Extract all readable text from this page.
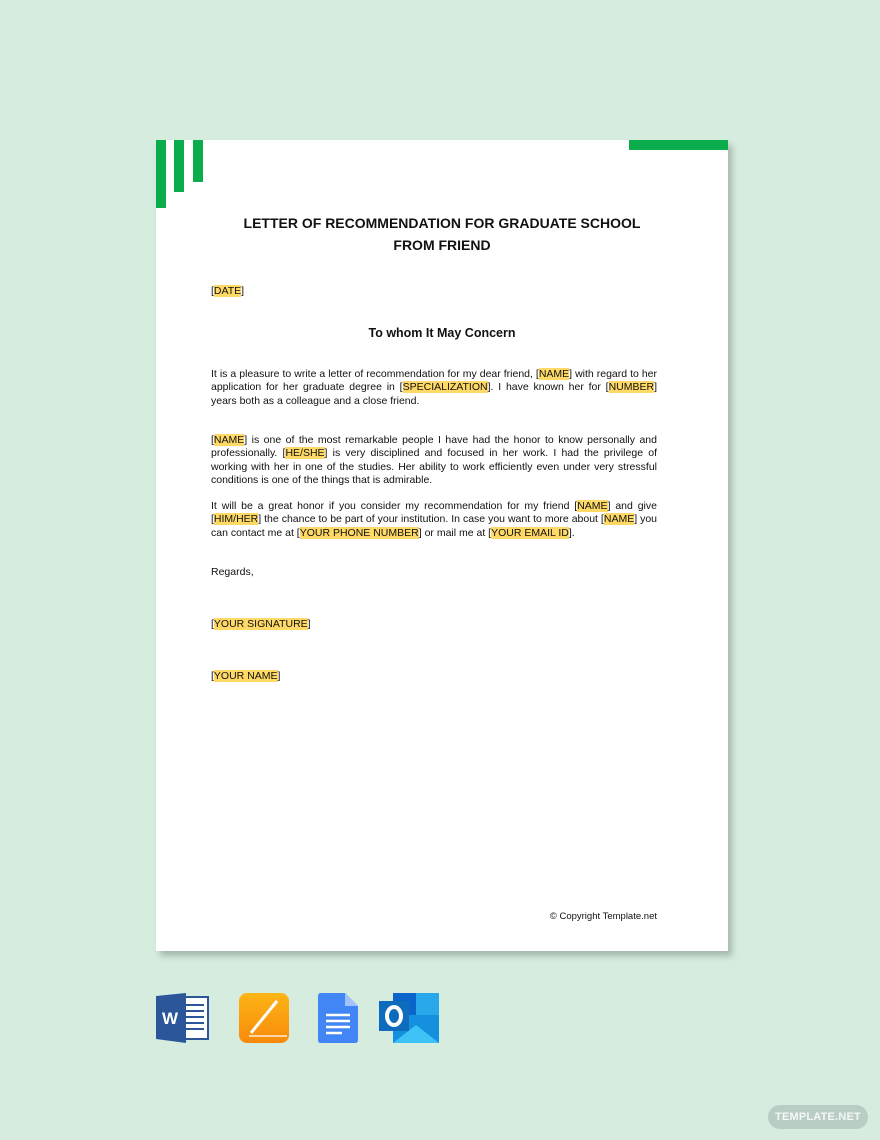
LETTER OF RECOMMENDATION FOR GRADUATE SCHOOL FROM FRIEND
[DATE]
To whom It May Concern
It is a pleasure to write a letter of recommendation for my dear friend, [NAME] with regard to her application for her graduate degree in [SPECIALIZATION]. I have known her for [NUMBER] years both as a colleague and a close friend.
[NAME] is one of the most remarkable people I have had the honor to know personally and professionally. [HE/SHE] is very disciplined and focused in her work. I had the privilege of working with her in one of the studies. Her ability to work efficiently even under very stressful conditions is one of the things that is admirable.
It will be a great honor if you consider my recommendation for my friend [NAME] and give [HIM/HER] the chance to be part of your institution. In case you want to more about [NAME] you can contact me at [YOUR PHONE NUMBER] or mail me at [YOUR EMAIL ID].
Regards,
[YOUR SIGNATURE]
[YOUR NAME]
© Copyright Template.net
W
TEMPLATE.NET
